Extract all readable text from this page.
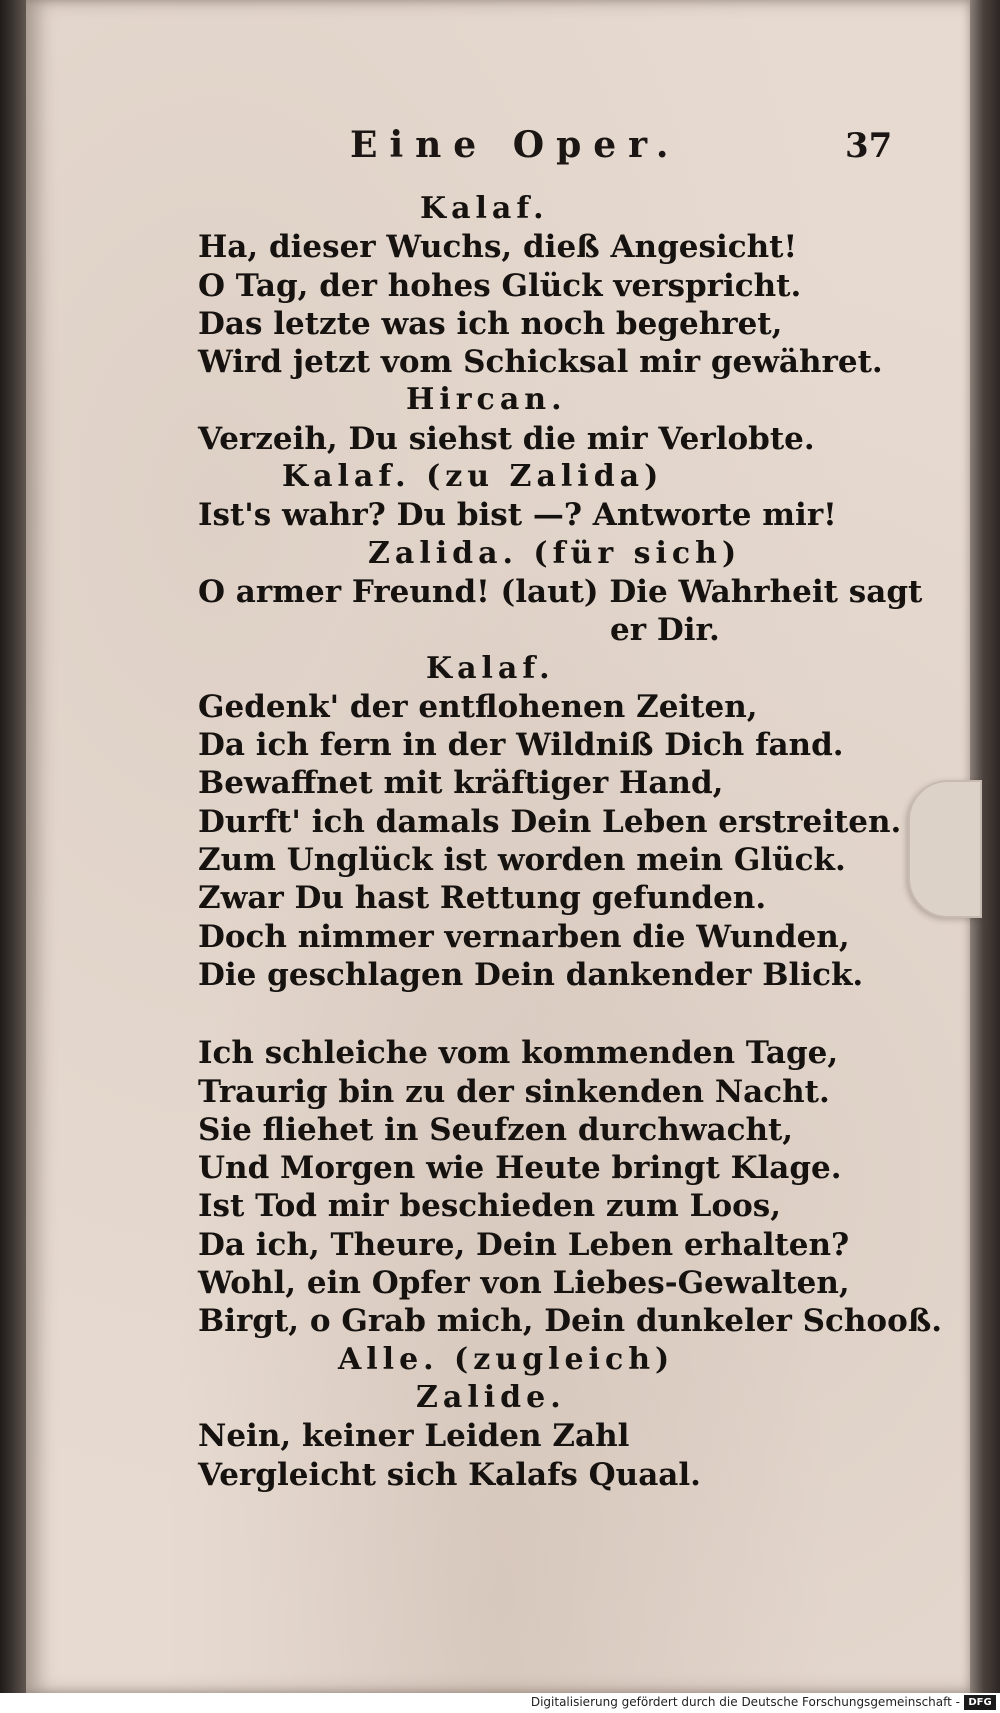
Eine Oper.	37
Kalaf.
Ha, dieser Wuchs, dieß Angesicht!
O Tag, der hohes Glück verspricht.
Das letzte was ich noch begehret,
Wird jetzt vom Schicksal mir gewähret.
Hircan.
Verzeih, Du siehst die mir Verlobte.
Kalaf. (zu Zalida)
Ist's wahr? Du bist —? Antworte mir!
Zalida. (für sich)
O armer Freund! (laut) Die Wahrheit sagt
er Dir.
Kalaf.
Gedenk' der entflohenen Zeiten,
Da ich fern in der Wildniß Dich fand.
Bewaffnet mit kräftiger Hand,
Durft' ich damals Dein Leben erstreiten.
Zum Unglück ist worden mein Glück.
Zwar Du hast Rettung gefunden.
Doch nimmer vernarben die Wunden,
Die geschlagen Dein dankender Blick.
Ich schleiche vom kommenden Tage,
Traurig bin zu der sinkenden Nacht.
Sie fliehet in Seufzen durchwacht,
Und Morgen wie Heute bringt Klage.
Ist Tod mir beschieden zum Loos,
Da ich, Theure, Dein Leben erhalten?
Wohl, ein Opfer von Liebes-Gewalten,
Birgt, o Grab mich, Dein dunkeler Schooß.
Alle. (zugleich)
Zalide.
Nein, keiner Leiden Zahl
Vergleicht sich Kalafs Quaal.
Digitalisierung gefördert durch die Deutsche Forschungsgemeinschaft - DFG
